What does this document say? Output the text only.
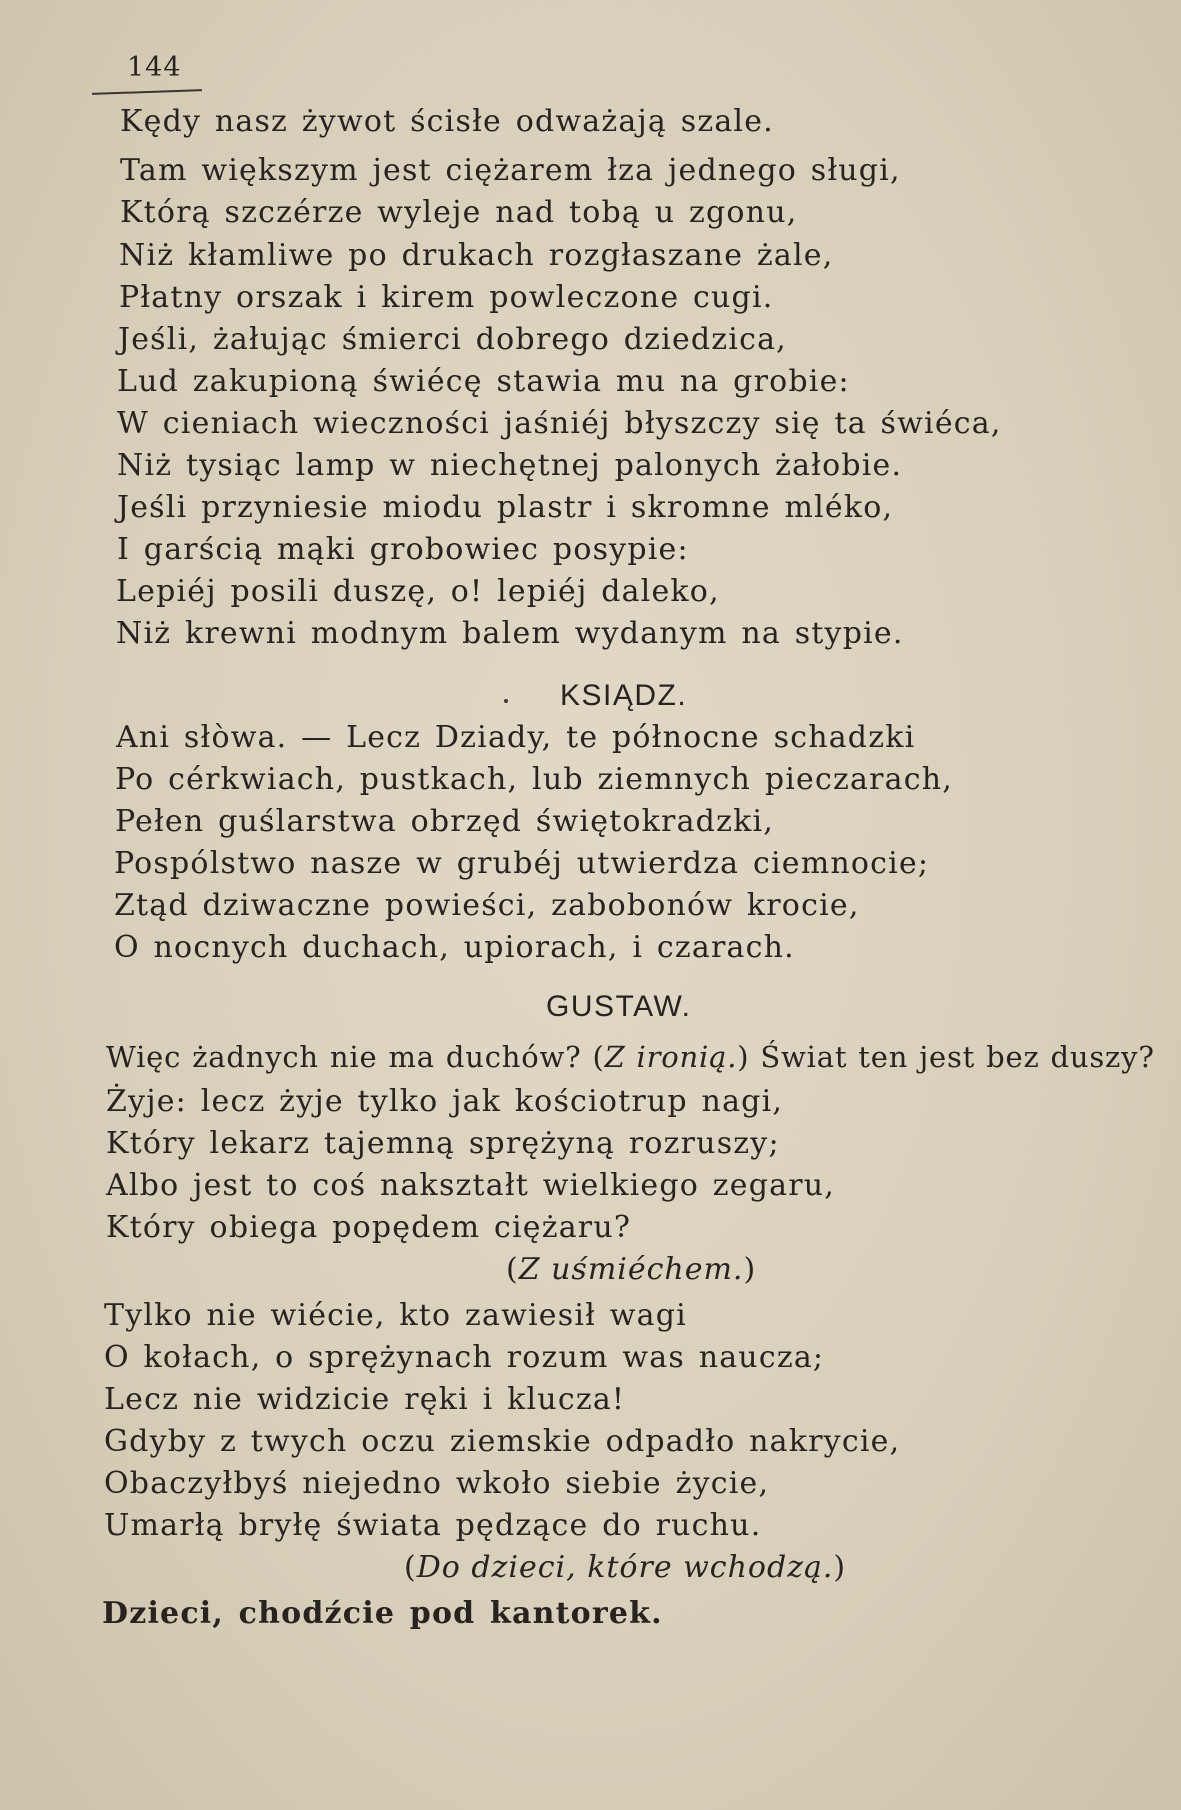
144
Kędy nasz żywot ścisłe odważają szale.
Tam większym jest ciężarem łza jednego sługi,
Którą szczérze wyleje nad tobą u zgonu,
Niż kłamliwe po drukach rozgłaszane żale,
Płatny orszak i kirem powleczone cugi.
Jeśli, żałując śmierci dobrego dziedzica,
Lud zakupioną świécę stawia mu na grobie:
W cieniach wieczności jaśniéj błyszczy się ta świéca,
Niż tysiąc lamp w niechętnej palonych żałobie.
Jeśli przyniesie miodu plastr i skromne mléko,
I garścią mąki grobowiec posypie:
Lepiéj posili duszę, o! lepiéj daleko,
Niż krewni modnym balem wydanym na stypie.
KSIĄDZ.
Ani słòwa. — Lecz Dziady, te północne schadzki
Po cérkwiach, pustkach, lub ziemnych pieczarach,
Pełen guślarstwa obrzęd świętokradzki,
Pospólstwo nasze w grubéj utwierdza ciemnocie;
Ztąd dziwaczne powieści, zabobonów krocie,
O nocnych duchach, upiorach, i czarach.
GUSTAW.
Więc żadnych nie ma duchów? (Z ironią.) Świat ten jest bez duszy?
Żyje: lecz żyje tylko jak kościotrup nagi,
Który lekarz tajemną sprężyną rozruszy;
Albo jest to coś nakształt wielkiego zegaru,
Który obiega popędem ciężaru?
(Z uśmiéchem.)
Tylko nie wiécie, kto zawiesił wagi
O kołach, o sprężynach rozum was naucza;
Lecz nie widzicie ręki i klucza!
Gdyby z twych oczu ziemskie odpadło nakrycie,
Obaczyłbyś niejedno wkoło siebie życie,
Umarłą bryłę świata pędzące do ruchu.
(Do dzieci, które wchodzą.)
Dzieci, chodźcie pod kantorek.
